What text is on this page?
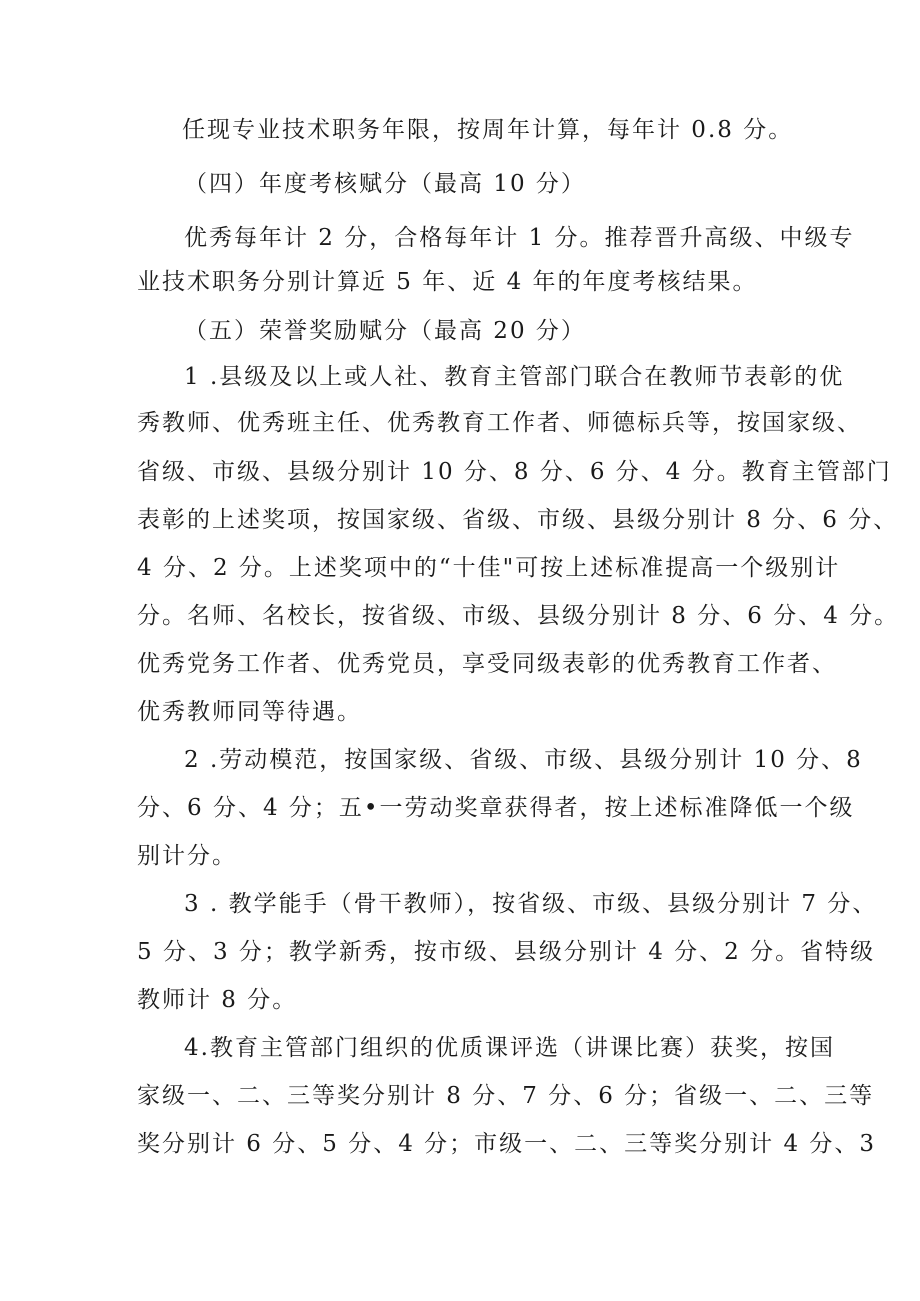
任现专业技术职务年限，按周年计算，每年计 0.8 分。
（四）年度考核赋分（最高 10 分）
优秀每年计 2 分，合格每年计 1 分。推荐晋升高级、中级专
业技术职务分别计算近 5 年、近 4 年的年度考核结果。
（五）荣誉奖励赋分（最高 20 分）
1 .县级及以上或人社、教育主管部门联合在教师节表彰的优
秀教师、优秀班主任、优秀教育工作者、师德标兵等，按国家级、
省级、市级、县级分别计 10 分、8 分、6 分、4 分。教育主管部门
表彰的上述奖项，按国家级、省级、市级、县级分别计 8 分、6 分、
4 分、2 分。上述奖项中的“十佳"可按上述标准提高一个级别计
分。名师、名校长，按省级、市级、县级分别计 8 分、6 分、4 分。
优秀党务工作者、优秀党员，享受同级表彰的优秀教育工作者、
优秀教师同等待遇。
2 .劳动模范，按国家级、省级、市级、县级分别计 10 分、8
分、6 分、4 分；五•一劳动奖章获得者，按上述标准降低一个级
别计分。
3 . 教学能手（骨干教师），按省级、市级、县级分别计 7 分、
5 分、3 分；教学新秀，按市级、县级分别计 4 分、2 分。省特级
教师计 8 分。
4.教育主管部门组织的优质课评选（讲课比赛）获奖，按国
家级一、二、三等奖分别计 8 分、7 分、6 分；省级一、二、三等
奖分别计 6 分、5 分、4 分；市级一、二、三等奖分别计 4 分、3
